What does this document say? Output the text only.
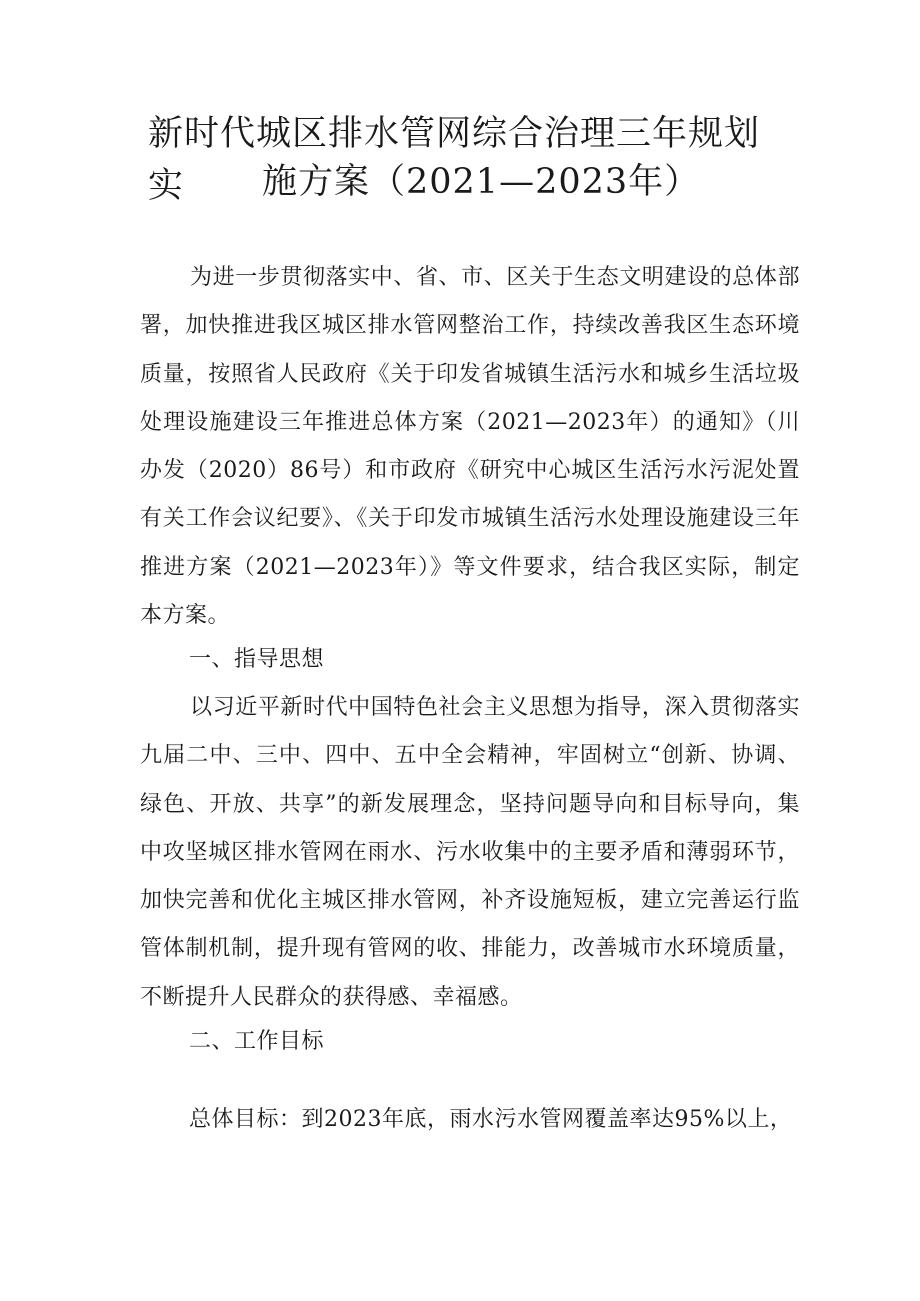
新时代城区排水管网综合治理三年规划实	施方案（2021—2023年）
为进一步贯彻落实中、省、市、区关于生态文明建设的总体部署，加快推进我区城区排水管网整治工作，持续改善我区生态环境质量，按照省人民政府《关于印发省城镇生活污水和城乡生活垃圾处理设施建设三年推进总体方案（2021—2023年）的通知》（川办发（2020）86号）和市政府《研究中心城区生活污水污泥处置有关工作会议纪要》、《关于印发市城镇生活污水处理设施建设三年推进方案（2021—2023年）》等文件要求，结合我区实际，制定本方案。
一、指导思想
以习近平新时代中国特色社会主义思想为指导，深入贯彻落实九届二中、三中、四中、五中全会精神，牢固树立“创新、协调、绿色、开放、共享”的新发展理念，坚持问题导向和目标导向，集中攻坚城区排水管网在雨水、污水收集中的主要矛盾和薄弱环节，加快完善和优化主城区排水管网，补齐设施短板，建立完善运行监管体制机制，提升现有管网的收、排能力，改善城市水环境质量，不断提升人民群众的获得感、幸福感。
二、工作目标
总体目标：到2023年底，雨水污水管网覆盖率达95%以上，
